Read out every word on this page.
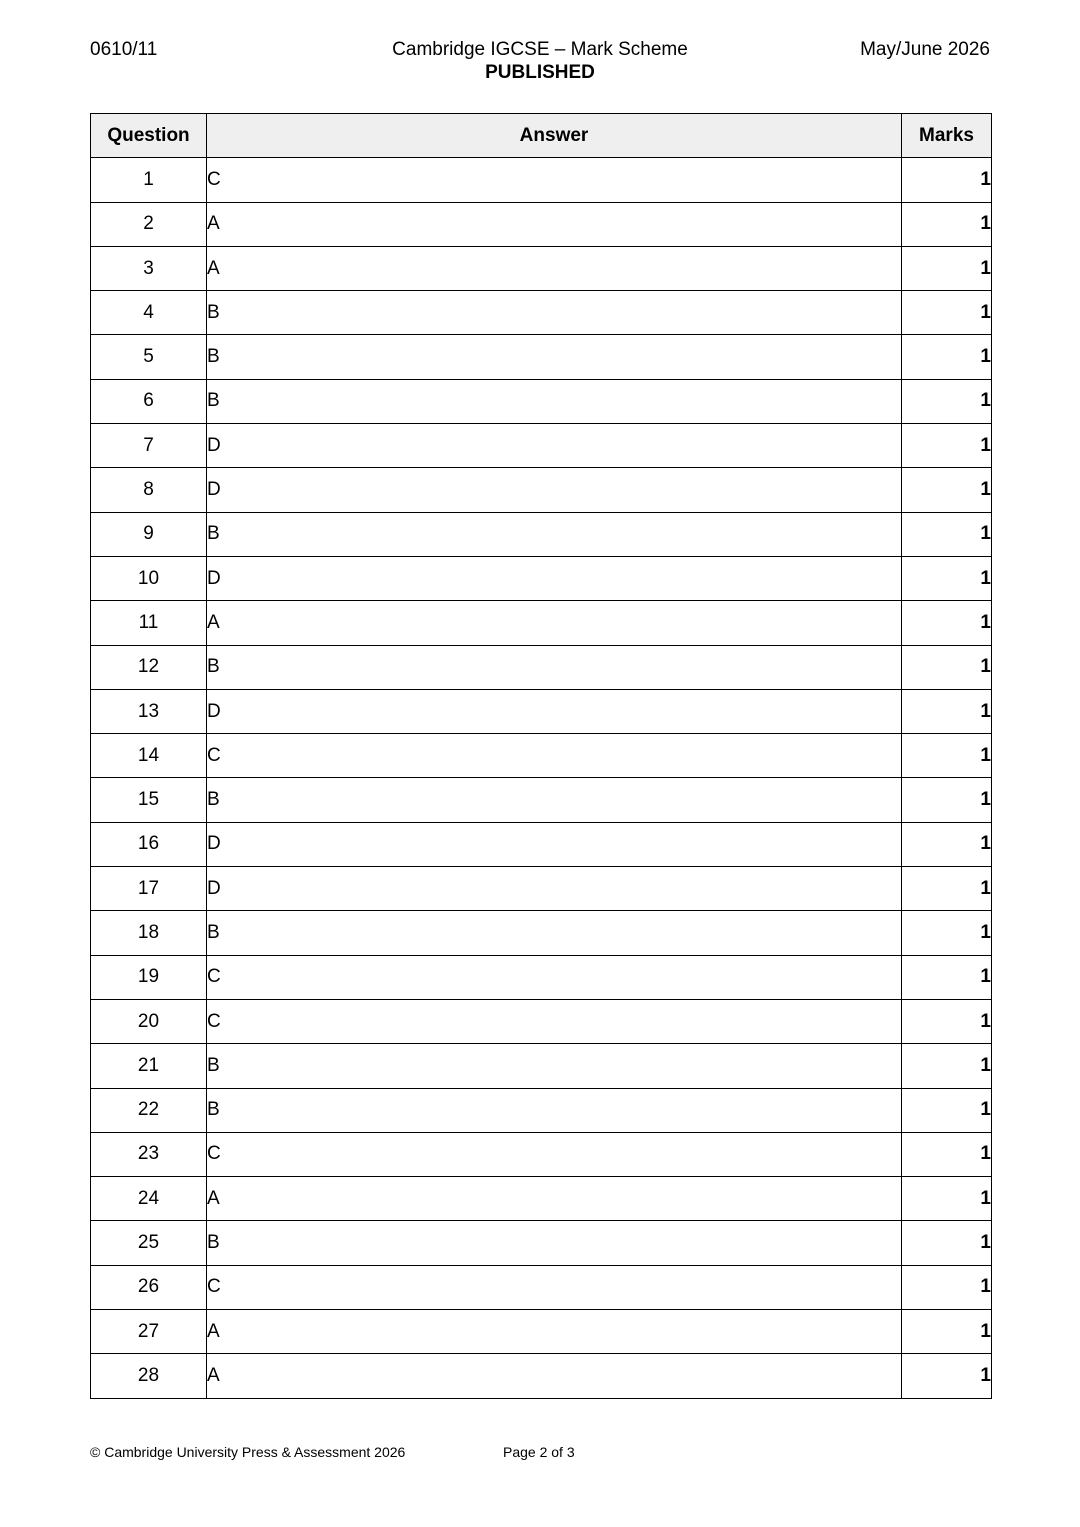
0610/11	Cambridge IGCSE – Mark Scheme
PUBLISHED
May/June 2026
Question	Answer	Marks
1	C	1
2	A	1
3	A	1
4	B	1
5	B	1
6	B	1
7	D	1
8	D	1
9	B	1
10	D	1
11	A	1
12	B	1
13	D	1
14	C	1
15	B	1
16	D	1
17	D	1
18	B	1
19	C	1
20	C	1
21	B	1
22	B	1
23	C	1
24	A	1
25	B	1
26	C	1
27	A	1
28	A	1
© Cambridge University Press & Assessment 2026	Page 2 of 3
